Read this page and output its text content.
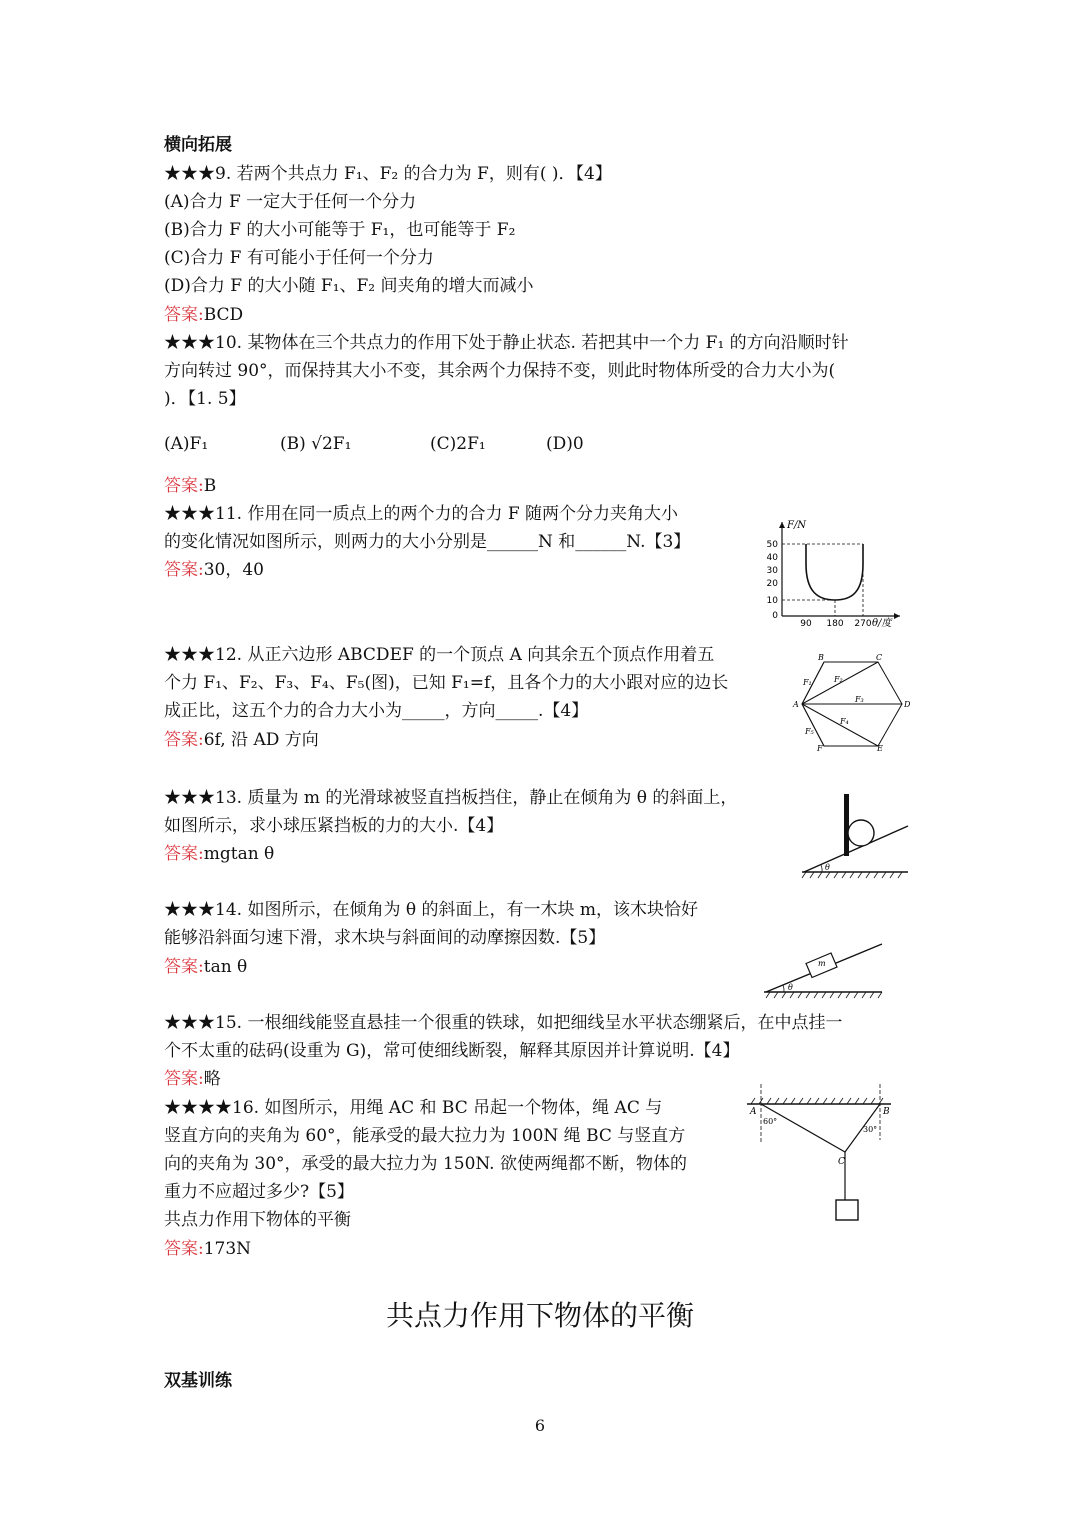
横向拓展
★★★9. 若两个共点力 F₁、F₂ 的合力为 F，则有( )．【4】
(A)合力 F 一定大于任何一个分力
(B)合力 F 的大小可能等于 F₁，也可能等于 F₂
(C)合力 F 有可能小于任何一个分力
(D)合力 F 的大小随 F₁、F₂ 间夹角的增大而减小
答案:BCD
★★★10. 某物体在三个共点力的作用下处于静止状态. 若把其中一个力 F₁ 的方向沿顺时针
方向转过 90°，而保持其大小不变，其余两个力保持不变，则此时物体所受的合力大小为(
)．【1. 5】
(A)F₁	(B) √2F₁	(C)2F₁	(D)0
答案:B
★★★11. 作用在同一质点上的两个力的合力 F 随两个分力夹角大小
的变化情况如图所示，则两力的大小分别是______N 和______N.【3】
答案:30，40
F/N
θ/度
50
40
30
20
10
0
90 180 270
★★★12. 从正六边形 ABCDEF 的一个顶点 A 向其余五个顶点作用着五
个力 F₁、F₂、F₃、F₄、F₅(图)，已知 F₁=f，且各个力的大小跟对应的边长
成正比，这五个力的合力大小为_____，方向_____.【4】
答案:6f, 沿 AD 方向
A
B	C
D
E
F
F₁	F₂
F₃
F₄
F₅
★★★13. 质量为 m 的光滑球被竖直挡板挡住，静止在倾角为 θ 的斜面上，
如图所示，求小球压紧挡板的力的大小.【4】
答案:mgtan θ
θ
★★★14. 如图所示，在倾角为 θ 的斜面上，有一木块 m，该木块恰好
能够沿斜面匀速下滑，求木块与斜面间的动摩擦因数.【5】
答案:tan θ	m
θ
★★★15. 一根细线能竖直悬挂一个很重的铁球，如把细线呈水平状态绷紧后，在中点挂一
个不太重的砝码(设重为 G)，常可使细线断裂，解释其原因并计算说明.【4】
答案:略
★★★★16. 如图所示，用绳 AC 和 BC 吊起一个物体，绳 AC 与
竖直方向的夹角为 60°，能承受的最大拉力为 100N 绳 BC 与竖直方
向的夹角为 30°，承受的最大拉力为 150N. 欲使两绳都不断，物体的
重力不应超过多少?【5】
共点力作用下物体的平衡
答案:173N
A	B
C
60°
30°
共点力作用下物体的平衡
双基训练
6
